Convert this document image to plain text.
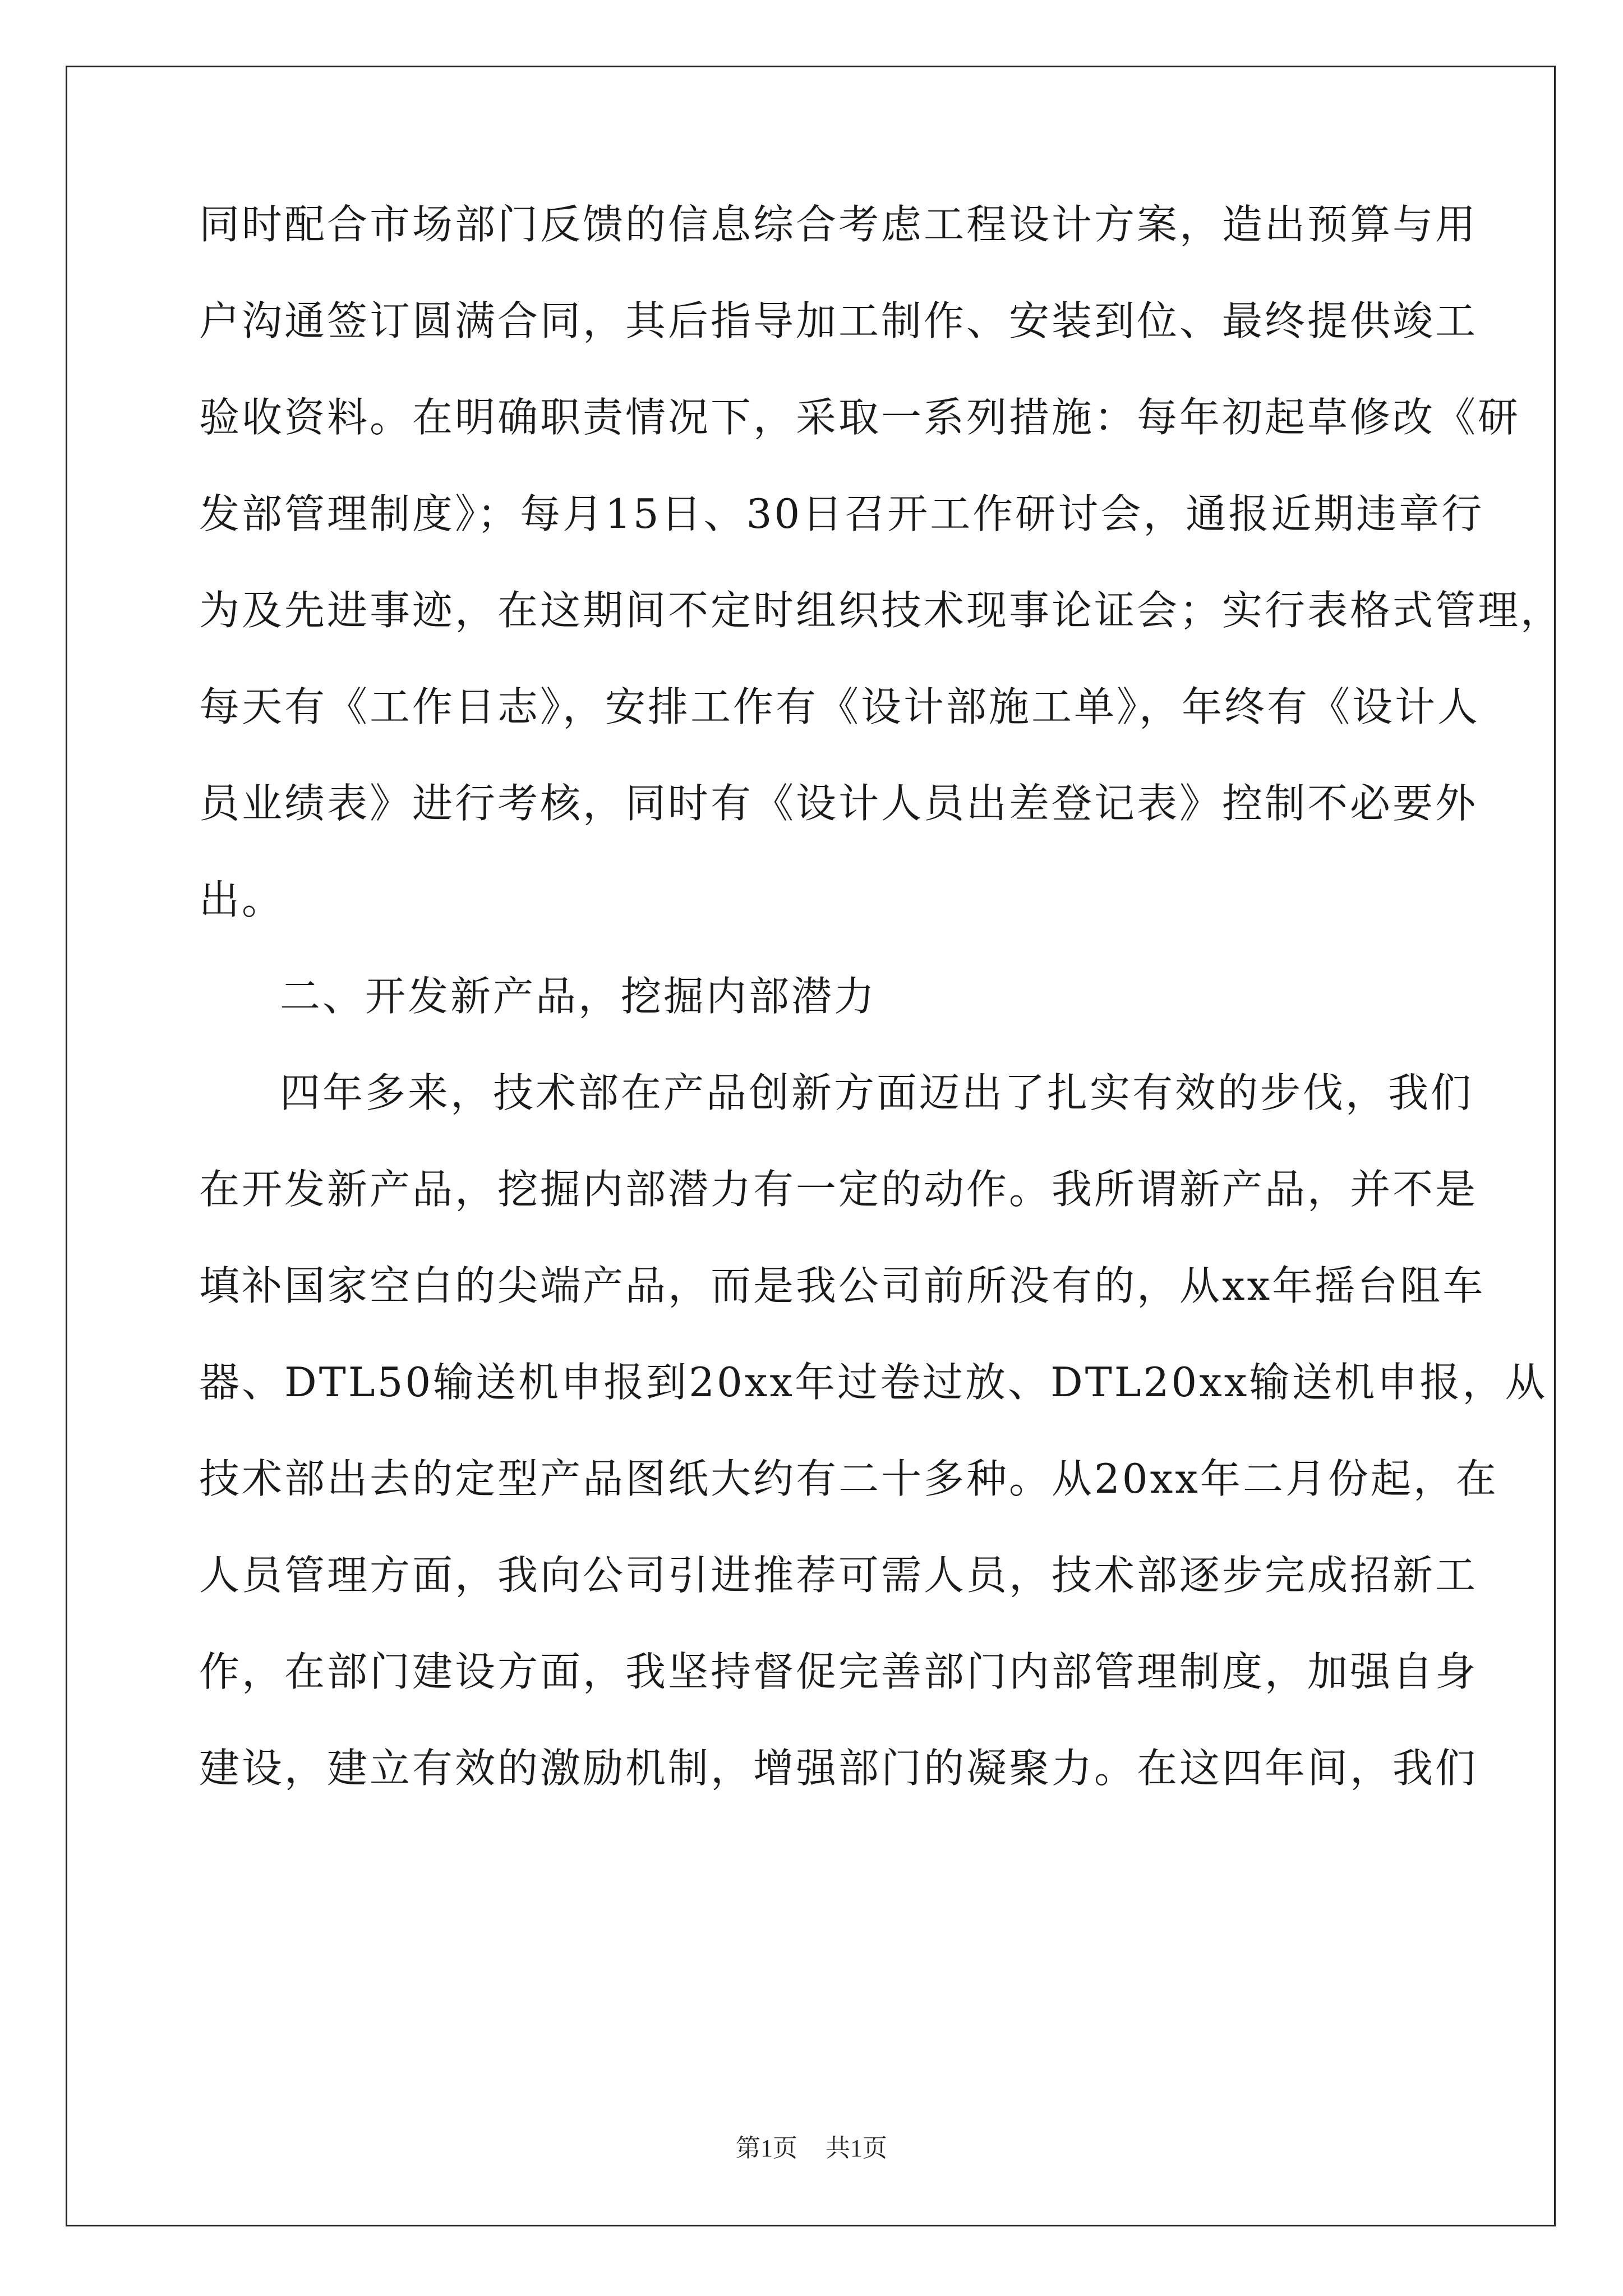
同时配合市场部门反馈的信息综合考虑工程设计方案，造出预算与用
户沟通签订圆满合同，其后指导加工制作、安装到位、最终提供竣工
验收资料。在明确职责情况下，采取一系列措施：每年初起草修改《研
发部管理制度》；每月15日、30日召开工作研讨会，通报近期违章行
为及先进事迹，在这期间不定时组织技术现事论证会；实行表格式管理，
每天有《工作日志》，安排工作有《设计部施工单》，年终有《设计人
员业绩表》进行考核，同时有《设计人员出差登记表》控制不必要外
出。
二、开发新产品，挖掘内部潜力
四年多来，技术部在产品创新方面迈出了扎实有效的步伐，我们
在开发新产品，挖掘内部潜力有一定的动作。我所谓新产品，并不是
填补国家空白的尖端产品，而是我公司前所没有的，从xx年摇台阻车
器、DTL50输送机申报到20xx年过卷过放、DTL20xx输送机申报，从
技术部出去的定型产品图纸大约有二十多种。从20xx年二月份起，在
人员管理方面，我向公司引进推荐可需人员，技术部逐步完成招新工
作，在部门建设方面，我坚持督促完善部门内部管理制度，加强自身
建设，建立有效的激励机制，增强部门的凝聚力。在这四年间，我们
第1页 共1页
